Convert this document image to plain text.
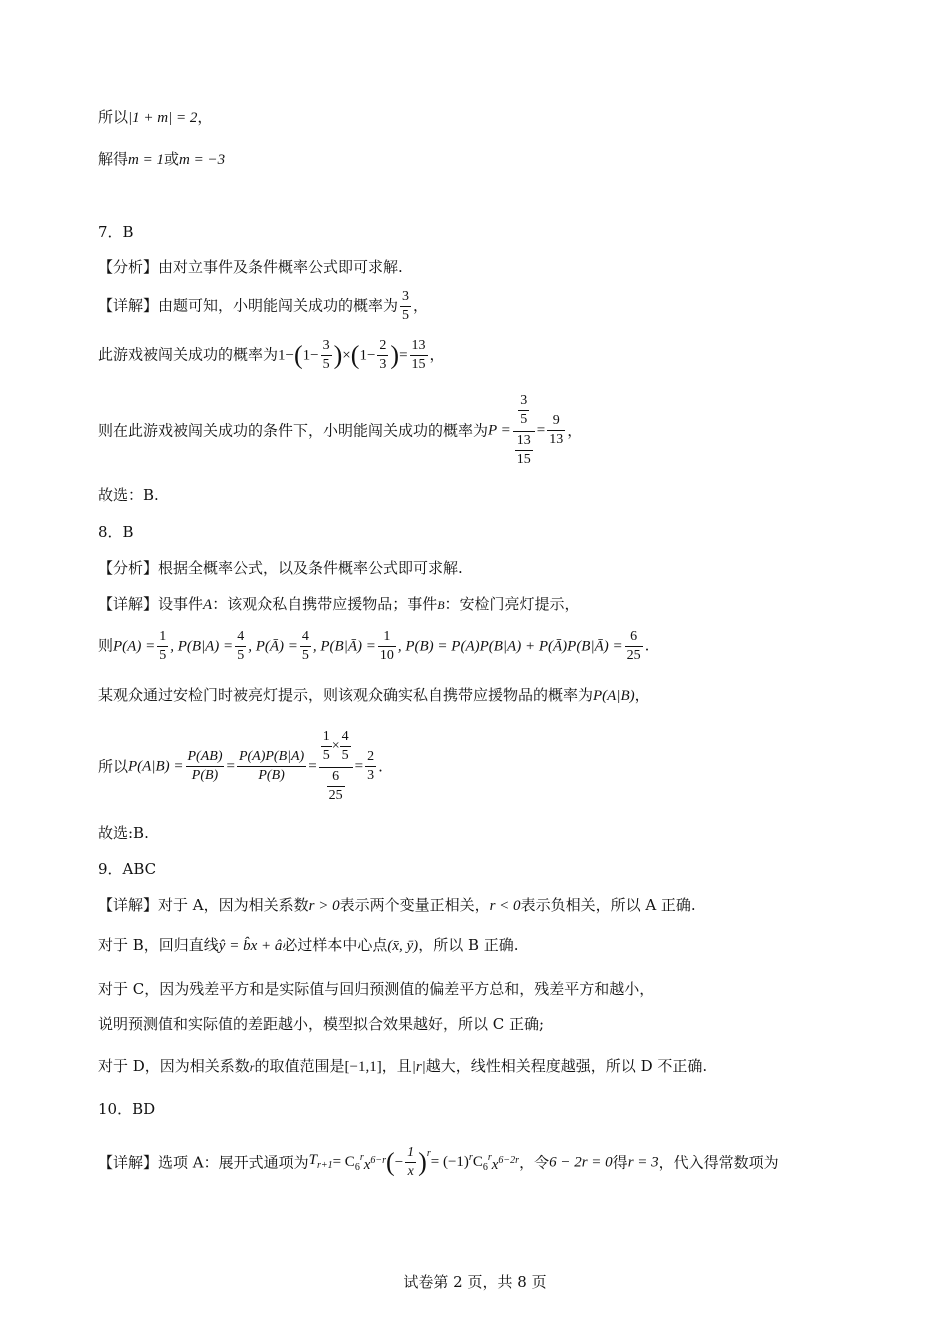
所以|1 + m| = 2，
解得m = 1或m = −3
7．B
【分析】由对立事件及条件概率公式即可求解.
【详解】由题可知，小明能闯关成功的概率为 $\frac{3}{5}$ ，
此游戏被闯关成功的概率为$1-(1- \frac{3}{5} )\times(1- \frac{2}{3}$ )= $\frac{13}{15}$ ，
则在此游戏被闯关成功的条件下，小明能闯关成功的概率为$P = \frac{\frac{3}{5}}{\frac{13}{15}} = \frac{9}{13}$ ，
故选：B.
8．B
【分析】根据全概率公式，以及条件概率公式即可求解.
【详解】设事件A：该观众私自携带应援物品；事件B：安检门亮灯提示，
则$P(A) = \frac{1}{5}$ , $P(B|A) = \frac{4}{5}$ , P(Ā) = $\frac{4}{5}$ , P(B|Ā) = $\frac{1}{10}$ , P(B) = P(A)P(B|A) + P(Ā)P(B|Ā) = $\frac{6}{25}$ .
某观众通过安检门时被亮灯提示，则该观众确实私自携带应援物品的概率为P(A|B)，
所以$P(A|B) = \frac{P(AB)}{P(B)} = \frac{P(A)P(B|A)}{P(B)} = \frac{\frac{1}{5} \times \frac{4}{5}}{\frac{6}{25}} = \frac{2}{3}$ .
故选:B.
9．ABC
【详解】对于 A，因为相关系数r > 0表示两个变量正相关，r < 0表示负相关，所以 A 正确.
对于 B，回归直线ŷ = b̂x + â必过样本中心点(x̄, ȳ)，所以 B 正确.
对于 C，因为残差平方和是实际值与回归预测值的偏差平方总和，残差平方和越小，
说明预测值和实际值的差距越小，模型拟合效果越好，所以 C 正确;
对于 D，因为相关系数r的取值范围是[−1,1]，且|r|越大，线性相关程度越强，所以 D 不正确.
10．BD
【详解】选项 A：展开式通项为$T_{r+1}= C_6^rx^{6-r}(- \frac{1}{x} )^r= (-1)^rC_6^rx^{6-2r}$，令6 − 2r = 0得r = 3，代入得常数项为
试卷第 2 页，共 8 页
